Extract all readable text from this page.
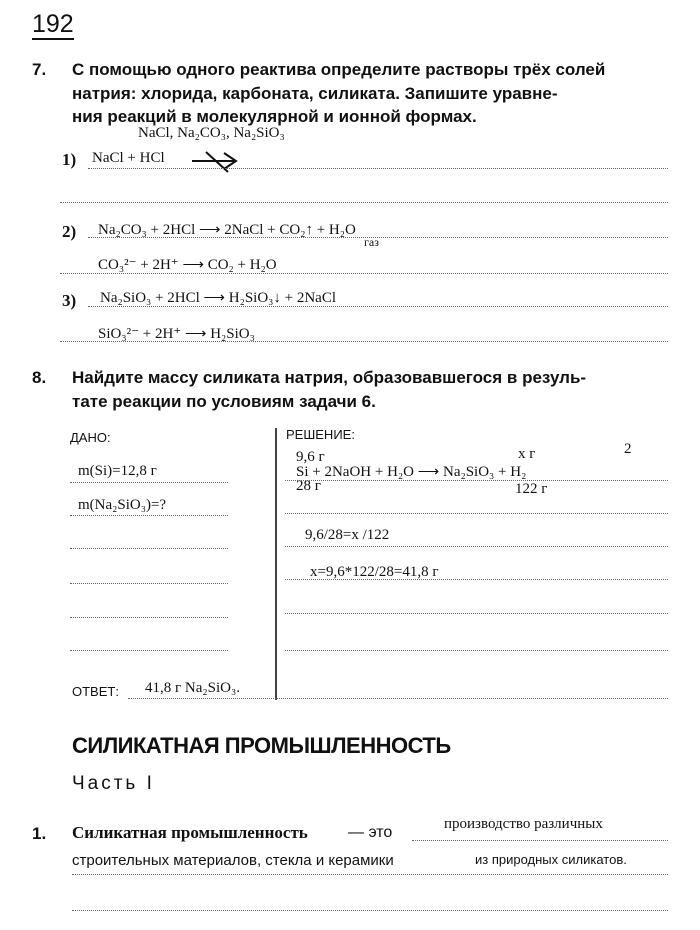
192
7. С помощью одного реактива определите растворы трёх солей
натрия: хлорида, карбоната, силиката. Запишите уравне-
ния реакций в молекулярной и ионной формах.
NaCl, Na₂CO₃, Na₂SiO₃
1) NaCl + HCl
2) Na₂CO₃ + 2HCl ⟶ 2NaCl + CO₂↑ + H₂O
газ
CO₃²⁻ + 2H⁺ ⟶ CO₂ + H₂O
3) Na₂SiO₃ + 2HCl ⟶ H₂SiO₃↓ + 2NaCl
SiO₃²⁻ + 2H⁺ ⟶ H₂SiO₃
8. Найдите массу силиката натрия, образовавшегося в резуль-
тате реакции по условиям задачи 6.
ДАНО:
m(Si)=12,8 г
m(Na₂SiO₃)=?
РЕШЕНИЕ:
9,6 г	x г	2
Si + 2NaOH + H₂O ⟶ Na₂SiO₃ + H₂
28 г	122 г
9,6/28=x /122
x=9,6*122/28=41,8 г
ОТВЕТ: 41,8 г Na₂SiO₃.
СИЛИКАТНАЯ ПРОМЫШЛЕННОСТЬ
Часть I
1. Силикатная промышленность	— это	производство различных
строительных материалов, стекла и керамики	из природных силикатов.
